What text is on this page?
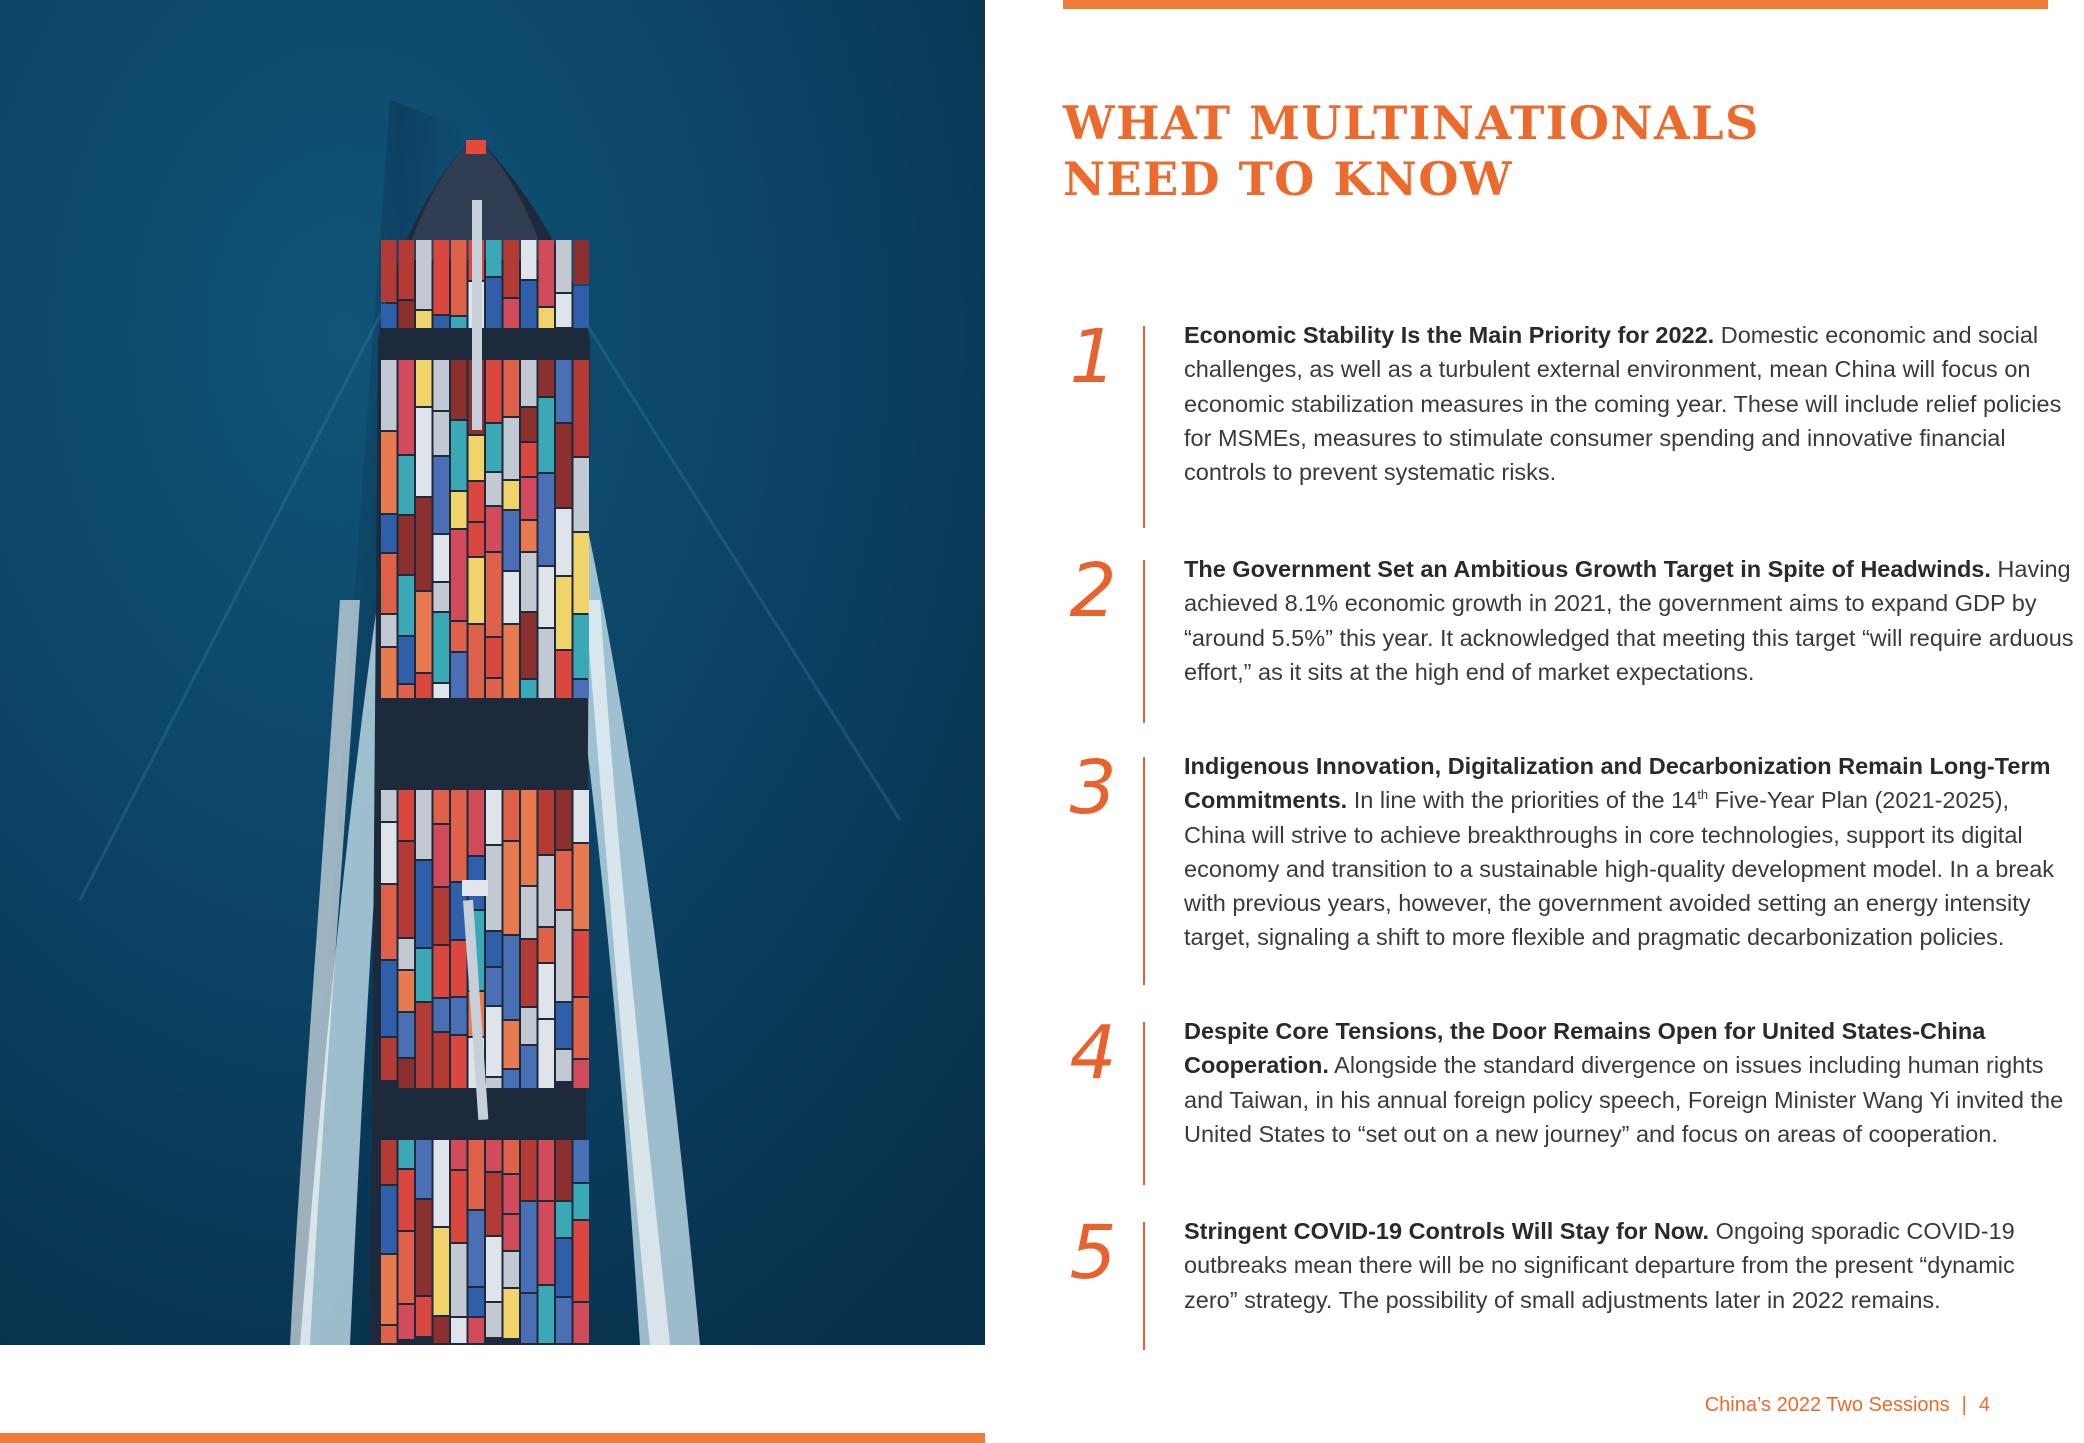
WHAT MULTINATIONALS
NEED TO KNOW
1	Economic Stability Is the Main Priority for 2022. Domestic economic and social challenges, as well as a turbulent external environment, mean China will focus on economic stabilization measures in the coming year. These will include relief policies for MSMEs, measures to stimulate consumer spending and innovative financial controls to prevent systematic risks.
2	The Government Set an Ambitious Growth Target in Spite of Headwinds. Having achieved 8.1% economic growth in 2021, the government aims to expand GDP by “around 5.5%” this year. It acknowledged that meeting this target “will require arduous effort,” as it sits at the high end of market expectations.
3	Indigenous Innovation, Digitalization and Decarbonization Remain Long-Term Commitments. In line with the priorities of the 14th Five-Year Plan (2021-2025), China will strive to achieve breakthroughs in core technologies, support its digital economy and transition to a sustainable high-quality development model. In a break with previous years, however, the government avoided setting an energy intensity target, signaling a shift to more flexible and pragmatic decarbonization policies.
4	Despite Core Tensions, the Door Remains Open for United States-China Cooperation. Alongside the standard divergence on issues including human rights and Taiwan, in his annual foreign policy speech, Foreign Minister Wang Yi invited the United States to “set out on a new journey” and focus on areas of cooperation.
5	Stringent COVID-19 Controls Will Stay for Now. Ongoing sporadic COVID-19 outbreaks mean there will be no significant departure from the present “dynamic zero” strategy. The possibility of small adjustments later in 2022 remains.
China’s 2022 Two Sessions | 4
